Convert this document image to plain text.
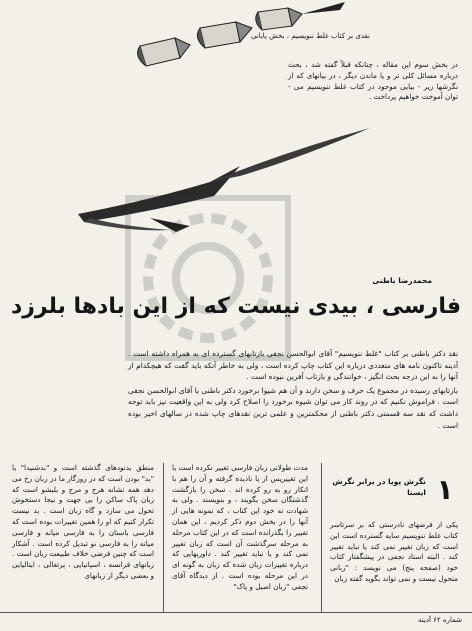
نقدی بر کتاب غلط ننویسیم ، بخش پایانی
در بخش سوم این مقاله ، چنانکه قبلاً گفته شد ، بحث درباره مسائل کلی تر و یا ماندن دیگر ، در بیانهای که از نگرشها زیر - بیایی موجود در کتاب غلط ننویسیم می - توان آموخت خواهیم پرداخت .
محمدرضا باطنی
فارسی ، بیدی نیست که از این بادها بلرزد

نقد دکتر باطنی بر کتاب "غلط ننویسیم" آقای ابوالحسن نجفی بازتابهای گسترده ای به همراه داشته است . آدینه تاکنون نامه های متعددی درباره این کتاب چاپ کرده است ، ولی به خاطر آنکه باید گفت که هیچکدام از آنها را به این درجه بحث انگیز ، خوانندگی و بازتاب آفرین نبوده است .

بازتابهای رسیده در مجموع یک حرف و سخن دارند و آن هم شیوا برخورد دکتر باطنی با آقای ابوالحسن نجفی است . فراموش نکنیم که در روند کار می توان شیوه برخورد را اصلاح کرد ولی به این واقعیت نیز باید توجه داشت که نقد سه قسمتی دکتر باطنی از محکمترین و علمی ترین نقدهای چاپ شده در سالهای اخیر بوده است .

۱
نگرش پویا در برابر نگرش ایستا
یکی از فرضهای نادرستی که بر سرتاسر کتاب غلط ننویسیم سایه گسترده است این است که زبان تغییر نمی کند یا نباید تغییر کند . البته استاد نجفی در پیشگفتار کتاب خود (صفحه پنج) می نویسد : "زبانی متحول نیست و نمی تواند بگوید گفته زبان
مدت طولانی زبان فارسی تغییر نکرده است یا این تغییرپس از یا نادیده گرفته و آن را هم با انکار رو به رو کرده اند . سخن را بازگشت گذشتگان سخن بگویند ، و بنویسند . ولی به شهادت نه خود این کتاب ، که نمونه هایی از آنها را در بخش دوم ذکر کردیم ، این همان تغییر را بگذرانده است که در این کتاب مرحله به مرحله سرگذشت آن است که زبان تغییر نمی کند و یا نباید تغییر کند . داوریهایی که درباره تغییرات زبان شده که زبان به گونه ای در این مرحله بوده است . از دیدگاه آقای نجفی "زبان اصیل و پاک"
منطق بدنودهای گذشته است و "بدشنیدا" یا "بد" بودن است که در روزگار ما در زبان رخ می دهد همه نشانه هرج و مرج و بلبشو است که زبان پاک ساکن را بی جهت و بیجا دستخوش تحول می سازد و گاه زبان است . بد نیست تکرار کنیم که او را همین تغییرات بوده است که فارسی باستان را به فارسی میانه و فارسی میانه را به فارسی نو تبدیل کرده است . آشکار است که چنین فرضی خلاف طبیعت زبان است . زبانهای فرانسه ، اسپانیایی ، پرتغالی ، ایتالیایی و بعضی دیگر از زبانهای
شماره ۶۲ آدینه
